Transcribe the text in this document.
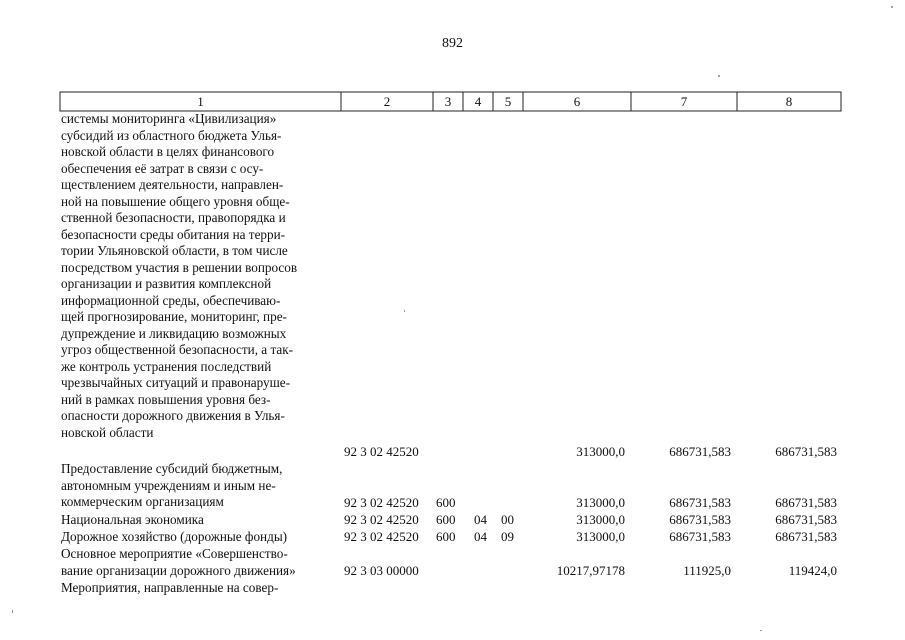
892
1	2	3	4	5	6	7	8
системы мониторинга «Цивилизация»
субсидий из областного бюджета Улья-
новской области в целях финансового
обеспечения её затрат в связи с осу-
ществлением деятельности, направлен-
ной на повышение общего уровня обще-
ственной безопасности, правопорядка и
безопасности среды обитания на терри-
тории Ульяновской области, в том числе
посредством участия в решении вопросов
организации и развития комплексной
информационной среды, обеспечиваю-
щей прогнозирование, мониторинг, пре-
дупреждение и ликвидацию возможных
угроз общественной безопасности, а так-
же контроль устранения последствий
чрезвычайных ситуаций и правонаруше-
ний в рамках повышения уровня без-
опасности дорожного движения в Улья-
новской области
92 3 02 42520	313000,0	686731,583	686731,583
Предоставление субсидий бюджетным,
автономным учреждениям и иным не-
коммерческим организациям	92 3 02 42520 600	313000,0	686731,583	686731,583
Национальная экономика	92 3 02 42520 600 04 00	313000,0	686731,583	686731,583
Дорожное хозяйство (дорожные фонды)	92 3 02 42520 600 04 09	313000,0	686731,583	686731,583
Основное мероприятие «Совершенство-
вание организации дорожного движения»	92 3 03 00000	10217,97178	111925,0	119424,0
Мероприятия, направленные на совер-
